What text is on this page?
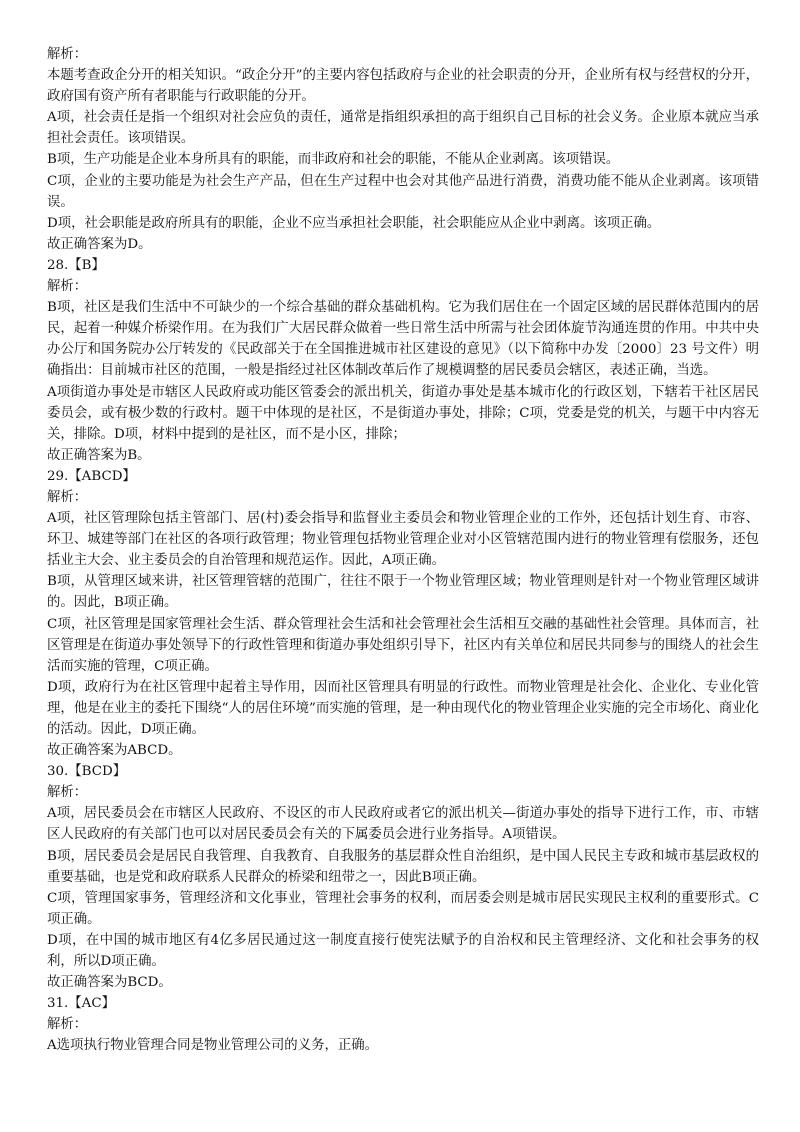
解析：

本题考查政企分开的相关知识。“政企分开”的主要内容包括政府与企业的社会职责的分开，企业所有权与经营权的分开，政府国有资产所有者职能与行政职能的分开。

A项，社会责任是指一个组织对社会应负的责任，通常是指组织承担的高于组织自己目标的社会义务。企业原本就应当承担社会责任。该项错误。

B项，生产功能是企业本身所具有的职能，而非政府和社会的职能，不能从企业剥离。该项错误。

C项，企业的主要功能是为社会生产产品，但在生产过程中也会对其他产品进行消费，消费功能不能从企业剥离。该项错误。

D项，社会职能是政府所具有的职能，企业不应当承担社会职能，社会职能应从企业中剥离。该项正确。

故正确答案为D。

28.【B】

解析：

B项，社区是我们生活中不可缺少的一个综合基础的群众基础机构。它为我们居住在一个固定区域的居民群体范围内的居民，起着一种媒介桥梁作用。在为我们广大居民群众做着一些日常生活中所需与社会团体旋节沟通连贯的作用。中共中央办公厅和国务院办公厅转发的《民政部关于在全国推进城市社区建设的意见》（以下简称中办发〔2000〕23 号文件）明确指出：目前城市社区的范围，一般是指经过社区体制改革后作了规模调整的居民委员会辖区，表述正确，当选。

A项街道办事处是市辖区人民政府或功能区管委会的派出机关，街道办事处是基本城市化的行政区划，下辖若干社区居民委员会，或有极少数的行政村。题干中体现的是社区，不是街道办事处，排除；C项，党委是党的机关，与题干中内容无关，排除。D项，材料中提到的是社区，而不是小区，排除；

故正确答案为B。

29.【ABCD】

解析：

A项，社区管理除包括主管部门、居(村)委会指导和监督业主委员会和物业管理企业的工作外，还包括计划生育、市容、环卫、城建等部门在社区的各项行政管理；物业管理包括物业管理企业对小区管辖范围内进行的物业管理有偿服务，还包括业主大会、业主委员会的自治管理和规范运作。因此，A项正确。

B项，从管理区域来讲，社区管理管辖的范围广，往往不限于一个物业管理区域；物业管理则是针对一个物业管理区域讲的。因此，B项正确。

C项，社区管理是国家管理社会生活、群众管理社会生活和社会管理社会生活相互交融的基础性社会管理。具体而言，社区管理是在街道办事处领导下的行政性管理和街道办事处组织引导下，社区内有关单位和居民共同参与的围绕人的社会生活而实施的管理，C项正确。

D项，政府行为在社区管理中起着主导作用，因而社区管理具有明显的行政性。而物业管理是社会化、企业化、专业化管理，他是在业主的委托下围绕“人的居住环境”而实施的管理，是一种由现代化的物业管理企业实施的完全市场化、商业化的活动。因此，D项正确。

故正确答案为ABCD。

30.【BCD】

解析：

A项，居民委员会在市辖区人民政府、不设区的市人民政府或者它的派出机关—街道办事处的指导下进行工作，市、市辖区人民政府的有关部门也可以对居民委员会有关的下属委员会进行业务指导。A项错误。

B项，居民委员会是居民自我管理、自我教育、自我服务的基层群众性自治组织，是中国人民民主专政和城市基层政权的重要基础，也是党和政府联系人民群众的桥梁和纽带之一，因此B项正确。

C项，管理国家事务，管理经济和文化事业，管理社会事务的权利，而居委会则是城市居民实现民主权利的重要形式。C项正确。

D项，在中国的城市地区有4亿多居民通过这一制度直接行使宪法赋予的自治权和民主管理经济、文化和社会事务的权利，所以D项正确。

故正确答案为BCD。

31.【AC】

解析：

A选项执行物业管理合同是物业管理公司的义务，正确。
